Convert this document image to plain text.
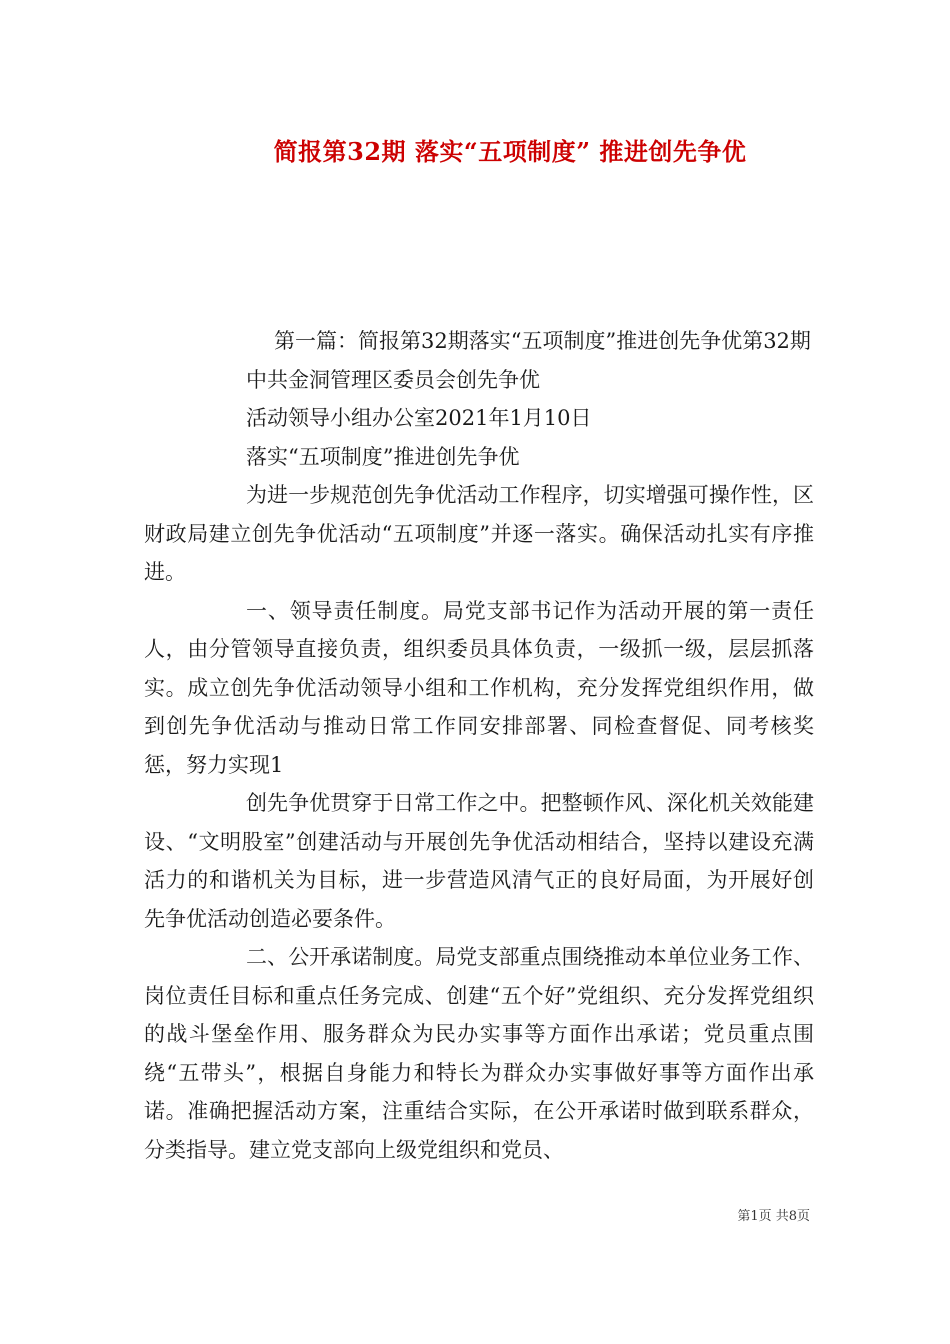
简报第32期 落实“五项制度” 推进创先争优

第一篇：简报第32期落实“五项制度”推进创先争优第32期

中共金洞管理区委员会创先争优

活动领导小组办公室2021年1月10日

落实“五项制度”推进创先争优

为进一步规范创先争优活动工作程序，切实增强可操作性，区财政局建立创先争优活动“五项制度”并逐一落实。确保活动扎实有序推进。

一、领导责任制度。局党支部书记作为活动开展的第一责任人，由分管领导直接负责，组织委员具体负责，一级抓一级，层层抓落实。成立创先争优活动领导小组和工作机构，充分发挥党组织作用，做到创先争优活动与推动日常工作同安排部署、同检查督促、同考核奖惩，努力实现1

创先争优贯穿于日常工作之中。把整顿作风、深化机关效能建设、“文明股室”创建活动与开展创先争优活动相结合，坚持以建设充满活力的和谐机关为目标，进一步营造风清气正的良好局面，为开展好创先争优活动创造必要条件。

二、公开承诺制度。局党支部重点围绕推动本单位业务工作、岗位责任目标和重点任务完成、创建“五个好”党组织、充分发挥党组织的战斗堡垒作用、服务群众为民办实事等方面作出承诺；党员重点围绕“五带头”，根据自身能力和特长为群众办实事做好事等方面作出承诺。准确把握活动方案，注重结合实际，在公开承诺时做到联系群众，分类指导。建立党支部向上级党组织和党员、

第1页 共8页
